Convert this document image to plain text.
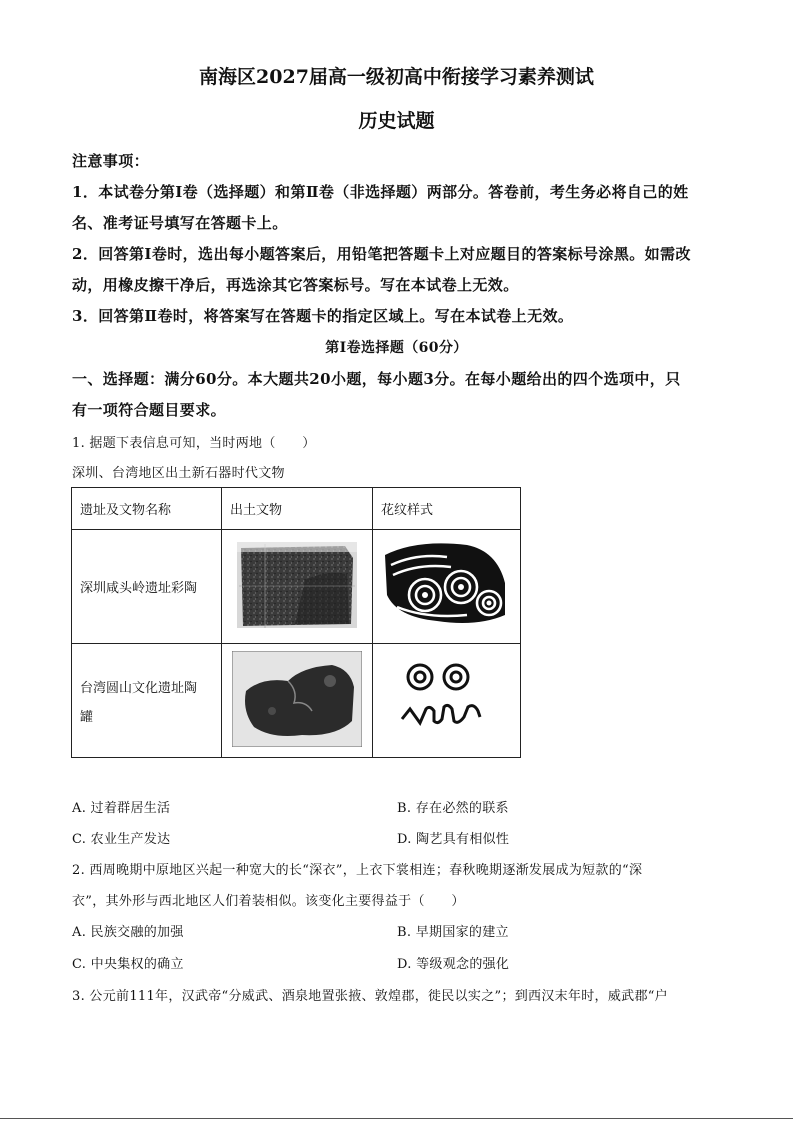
南海区2027届高一级初高中衔接学习素养测试
历史试题
注意事项：
1．本试卷分第Ⅰ卷（选择题）和第Ⅱ卷（非选择题）两部分。答卷前，考生务必将自己的姓
名、准考证号填写在答题卡上。
2．回答第Ⅰ卷时，选出每小题答案后，用铅笔把答题卡上对应题目的答案标号涂黑。如需改
动，用橡皮擦干净后，再选涂其它答案标号。写在本试卷上无效。
3．回答第Ⅱ卷时，将答案写在答题卡的指定区域上。写在本试卷上无效。
第Ⅰ卷选择题（60分）
一、选择题：满分60分。本大题共20小题，每小题3分。在每小题给出的四个选项中，只
有一项符合题目要求。
1. 据题下表信息可知，当时两地（　　）
深圳、台湾地区出土新石器时代文物
遗址及文物名称	出土文物	花纹样式
深圳咸头岭遗址彩陶		

台湾圆山文化遗址陶
罐

A. 过着群居生活	B. 存在必然的联系
C. 农业生产发达	D. 陶艺具有相似性
2. 西周晚期中原地区兴起一种宽大的长“深衣”，上衣下裳相连；春秋晚期逐渐发展成为短款的“深
衣”，其外形与西北地区人们着装相似。该变化主要得益于（　　）
A. 民族交融的加强	B. 早期国家的建立
C. 中央集权的确立	D. 等级观念的强化
3. 公元前111年，汉武帝“分威武、酒泉地置张掖、敦煌郡，徙民以实之”；到西汉末年时，威武郡“户
